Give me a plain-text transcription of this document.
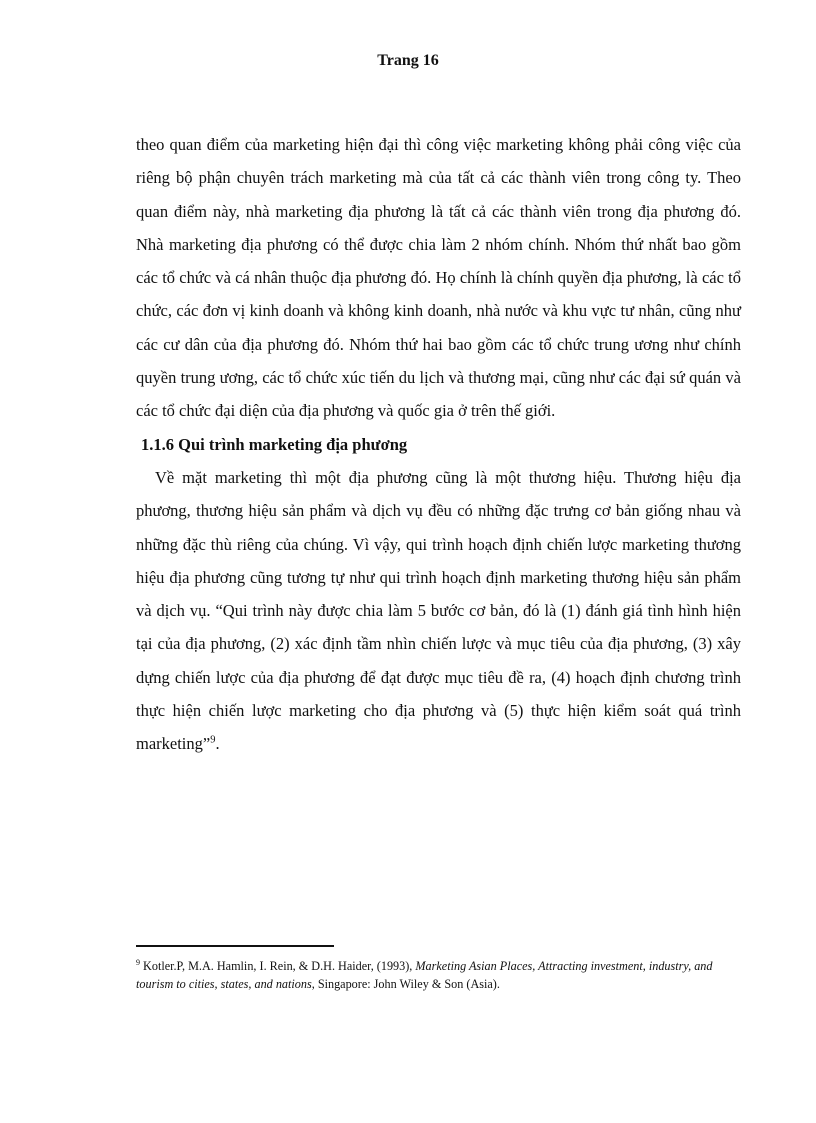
Trang 16

theo quan điểm của marketing hiện đại thì công việc marketing không phải công việc của riêng bộ phận chuyên trách marketing mà của tất cả các thành viên trong công ty. Theo quan điểm này, nhà marketing địa phương là tất cả các thành viên trong địa phương đó. Nhà marketing địa phương có thể được chia làm 2 nhóm chính. Nhóm thứ nhất bao gồm các tổ chức và cá nhân thuộc địa phương đó. Họ chính là chính quyền địa phương, là các tổ chức, các đơn vị kinh doanh và không kinh doanh, nhà nước và khu vực tư nhân, cũng như các cư dân của địa phương đó. Nhóm thứ hai bao gồm các tổ chức trung ương như chính quyền trung ương, các tổ chức xúc tiến du lịch và thương mại, cũng như các đại sứ quán và các tổ chức đại diện của địa phương và quốc gia ở trên thế giới.

1.1.6 Qui trình marketing địa phương

Về mặt marketing thì một địa phương cũng là một thương hiệu. Thương hiệu địa phương, thương hiệu sản phẩm và dịch vụ đều có những đặc trưng cơ bản giống nhau và những đặc thù riêng của chúng. Vì vậy, qui trình hoạch định chiến lược marketing thương hiệu địa phương cũng tương tự như qui trình hoạch định marketing thương hiệu sản phẩm và dịch vụ. “Qui trình này được chia làm 5 bước cơ bản, đó là (1) đánh giá tình hình hiện tại của địa phương, (2) xác định tầm nhìn chiến lược và mục tiêu của địa phương, (3) xây dựng chiến lược của địa phương để đạt được mục tiêu đề ra, (4) hoạch định chương trình thực hiện chiến lược marketing cho địa phương và (5) thực hiện kiểm soát quá trình marketing”$^9$.

$^9$ Kotler.P, M.A. Hamlin, I. Rein, & D.H. Haider, (1993), Marketing Asian Places, Attracting investment, industry, and tourism to cities, states, and nations, Singapore: John Wiley & Son (Asia).
